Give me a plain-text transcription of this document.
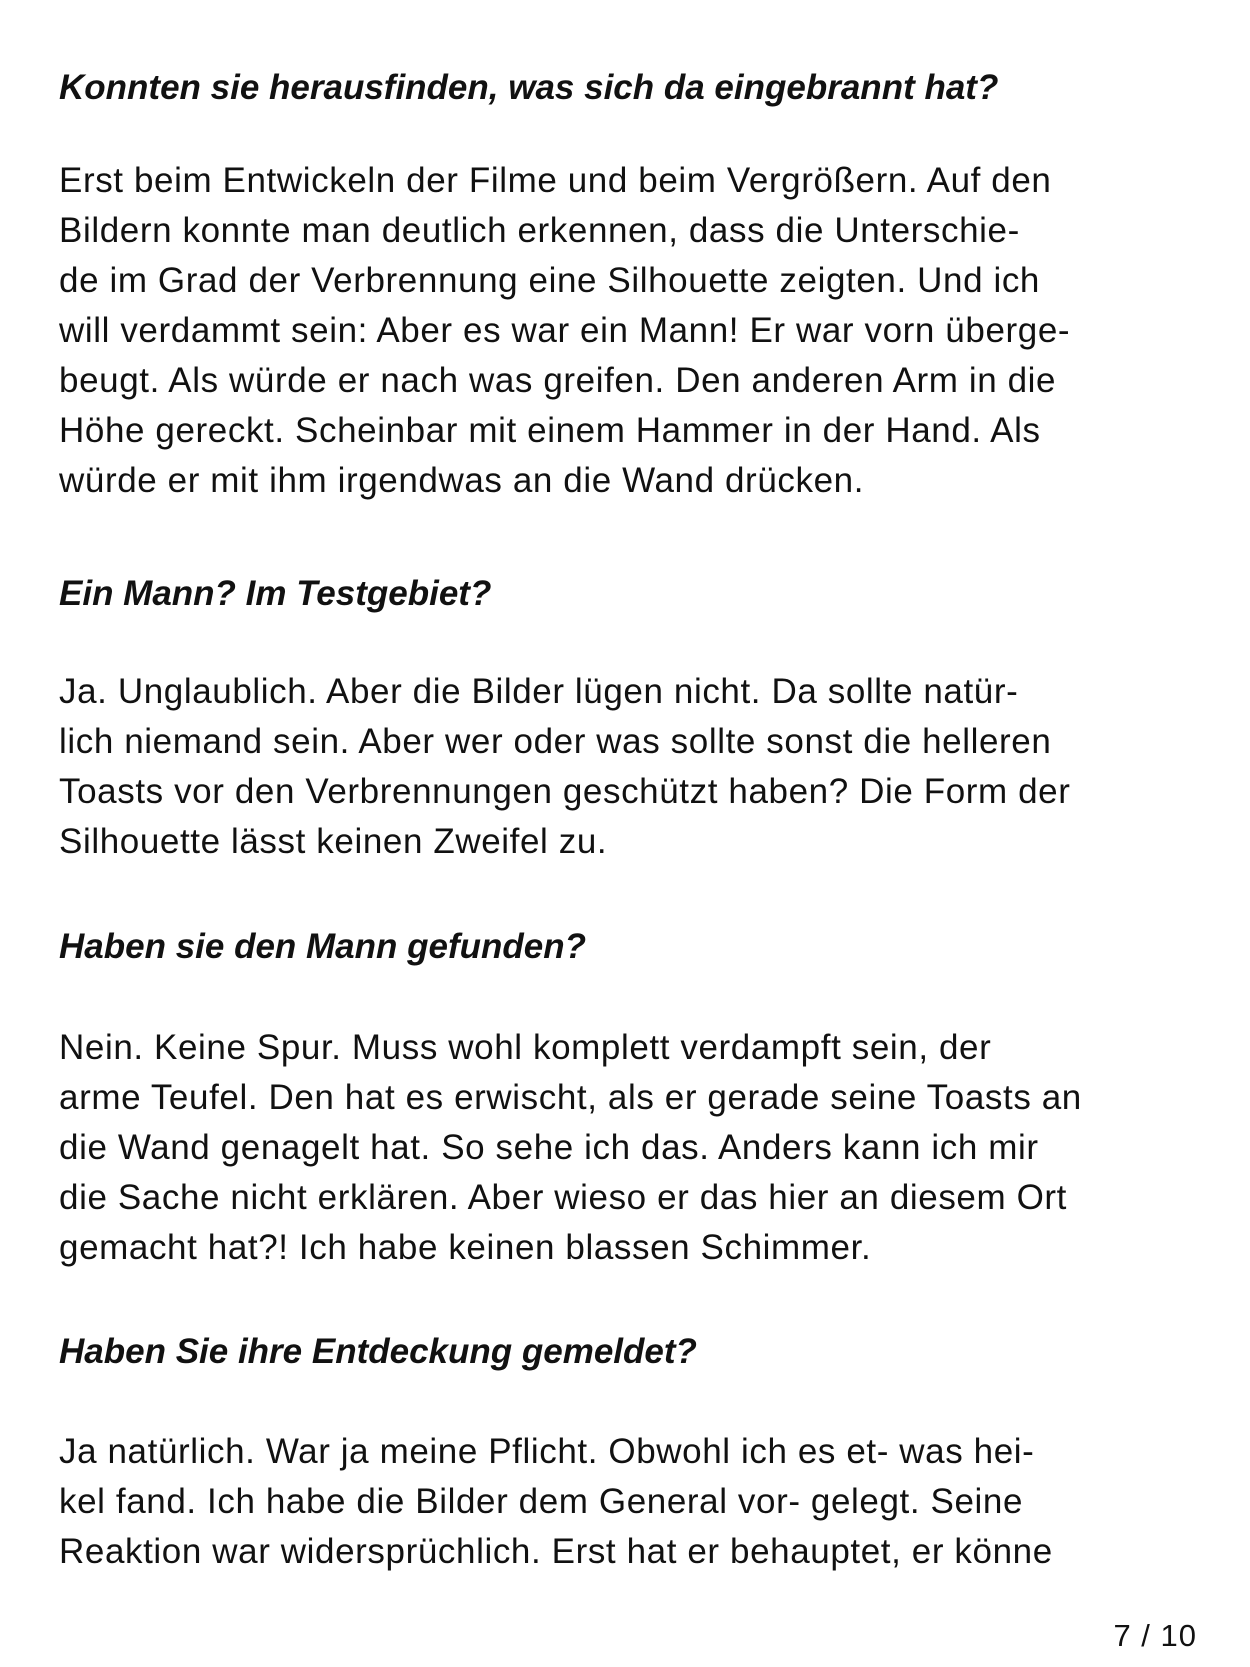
Konnten sie herausfinden, was sich da eingebrannt hat?

Erst beim Entwickeln der Filme und beim Vergrößern. Auf den
Bildern konnte man deutlich erkennen, dass die Unterschie-
de im Grad der Verbrennung eine Silhouette zeigten. Und ich
will verdammt sein: Aber es war ein Mann! Er war vorn überge-
beugt. Als würde er nach was greifen. Den anderen Arm in die
Höhe gereckt. Scheinbar mit einem Hammer in der Hand. Als
würde er mit ihm irgendwas an die Wand drücken.

Ein Mann? Im Testgebiet?

Ja. Unglaublich. Aber die Bilder lügen nicht. Da sollte natür-
lich niemand sein. Aber wer oder was sollte sonst die helleren
Toasts vor den Verbrennungen geschützt haben? Die Form der
Silhouette lässt keinen Zweifel zu.

Haben sie den Mann gefunden?

Nein. Keine Spur. Muss wohl komplett verdampft sein, der
arme Teufel. Den hat es erwischt, als er gerade seine Toasts an
die Wand genagelt hat. So sehe ich das. Anders kann ich mir
die Sache nicht erklären. Aber wieso er das hier an diesem Ort
gemacht hat?! Ich habe keinen blassen Schimmer.

Haben Sie ihre Entdeckung gemeldet?

Ja natürlich. War ja meine Pflicht. Obwohl ich es et- was hei-
kel fand. Ich habe die Bilder dem General vor- gelegt. Seine
Reaktion war widersprüchlich. Erst hat er behauptet, er könne

7 / 10
